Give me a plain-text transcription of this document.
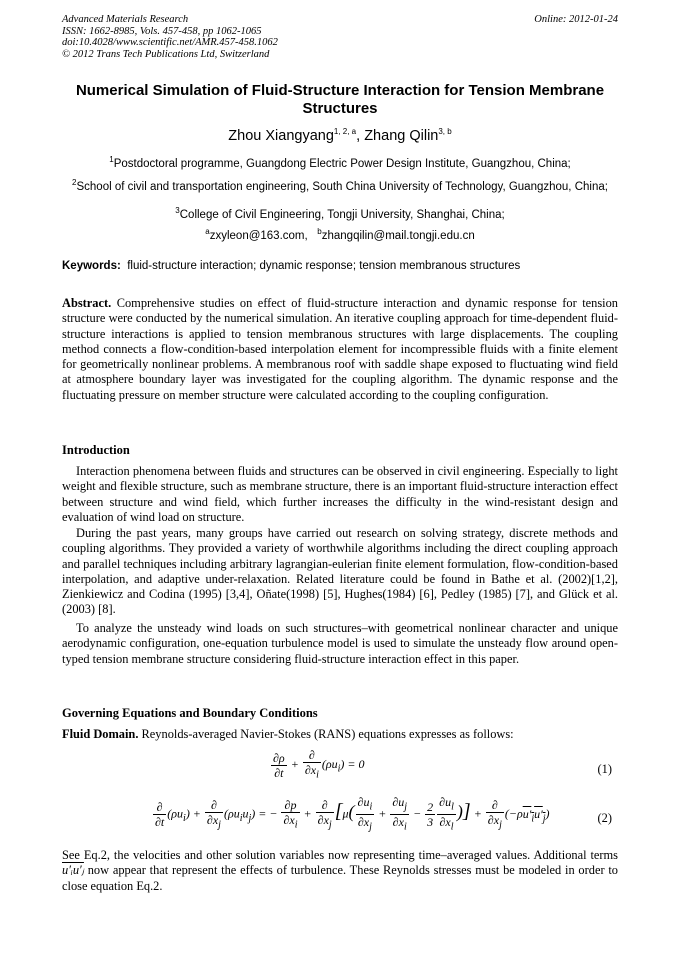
Advanced Materials Research
ISSN: 1662-8985, Vols. 457-458, pp 1062-1065
doi:10.4028/www.scientific.net/AMR.457-458.1062
© 2012 Trans Tech Publications Ltd, Switzerland
Online: 2012-01-24
Numerical Simulation of Fluid-Structure Interaction for Tension Membrane Structures
Zhou Xiangyang$^{1, 2, a}$, Zhang Qilin$^{3, b}$
$^1$Postdoctoral programme, Guangdong Electric Power Design Institute, Guangzhou, China;
$^2$School of civil and transportation engineering, South China University of Technology, Guangzhou, China;
$^3$College of Civil Engineering, Tongji University, Shanghai, China;
$^a$zxyleon@163.com, $^b$zhangqilin@mail.tongji.edu.cn
Keywords: fluid-structure interaction; dynamic response; tension membranous structures
Abstract. Comprehensive studies on effect of fluid-structure interaction and dynamic response for tension structure were conducted by the numerical simulation. An iterative coupling approach for time-dependent fluid-structure interactions is applied to tension membranous structures with large displacements. The coupling method connects a flow-condition-based interpolation element for incompressible fluids with a finite element for geometrically nonlinear problems. A membranous roof with saddle shape exposed to fluctuating wind field at atmosphere boundary layer was investigated for the coupling algorithm. The dynamic response and the fluctuating pressure on member structure were calculated according to the coupling configuration.
Introduction
Interaction phenomena between fluids and structures can be observed in civil engineering. Especially to light weight and flexible structure, such as membrane structure, there is an important fluid-structure interaction effect between structure and wind field, which further increases the difficulty in the wind-resistant design and evaluation of wind load on structure.
During the past years, many groups have carried out research on solving strategy, discrete methods and coupling algorithms. They provided a variety of worthwhile algorithms including the direct coupling approach and parallel techniques including arbitrary lagrangian-eulerian finite element formulation, flow-condition-based interpolation, and adaptive under-relaxation. Related literature could be found in Bathe et al. (2002)[1,2], Zienkiewicz and Codina (1995) [3,4], Oñate(1998) [5], Hughes(1984) [6], Pedley (1985) [7], and Glück et al. (2003) [8].
To analyze the unsteady wind loads on such structures–with geometrical nonlinear character and unique aerodynamic configuration, one-equation turbulence model is used to simulate the unsteady flow around open-typed tension membrane structure considering fluid-structure interaction effect in this paper.
Governing Equations and Boundary Conditions
Fluid Domain. Reynolds-averaged Navier-Stokes (RANS) equations expresses as follows:
$\frac{\partial\rho}{\partial t} + \frac{\partial}{\partial x_i} (\rho u_i) = 0$	(1)
$\frac{\partial}{\partial t} (\rho u_i) + \frac{\partial}{\partial x_j} (\rho u_iu_j)$ = − $\frac{\partial p}{\partial x_i} + \frac{\partial}{\partial x_j} [\mu( \frac{\partial u_i}{\partial x_j} + \frac{\partial u_j}{\partial x_i} - \frac{2}{3} \frac{\partial u_l}{\partial x_l}$ )] + $\frac{\partial}{\partial x_j} (-\rho u'_iu'_j)$	(2)
See Eq.2, the velocities and other solution variables now representing time–averaged values. Additional terms u′ᵢu′ⱼ now appear that represent the effects of turbulence. These Reynolds stresses must be modeled in order to close equation Eq.2.
